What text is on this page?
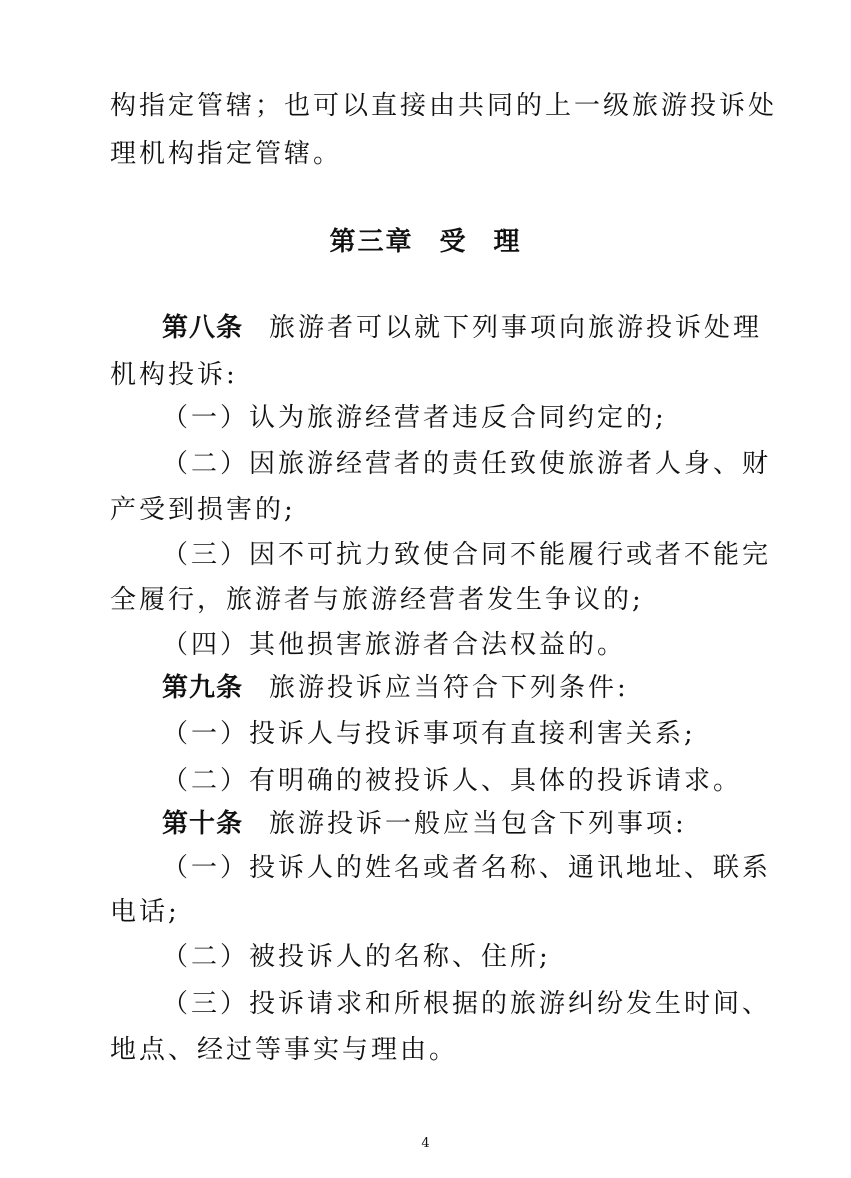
构指定管辖；也可以直接由共同的上一级旅游投诉处
理机构指定管辖。
第三章 受 理
第八条 旅游者可以就下列事项向旅游投诉处理
机构投诉:
（一）认为旅游经营者违反合同约定的;
（二）因旅游经营者的责任致使旅游者人身、财
产受到损害的;
（三）因不可抗力致使合同不能履行或者不能完
全履行，旅游者与旅游经营者发生争议的;
（四）其他损害旅游者合法权益的。
第九条 旅游投诉应当符合下列条件:
（一）投诉人与投诉事项有直接利害关系;
（二）有明确的被投诉人、具体的投诉请求。
第十条 旅游投诉一般应当包含下列事项:
（一）投诉人的姓名或者名称、通讯地址、联系
电话;
（二）被投诉人的名称、住所;
（三）投诉请求和所根据的旅游纠纷发生时间、
地点、经过等事实与理由。
4
